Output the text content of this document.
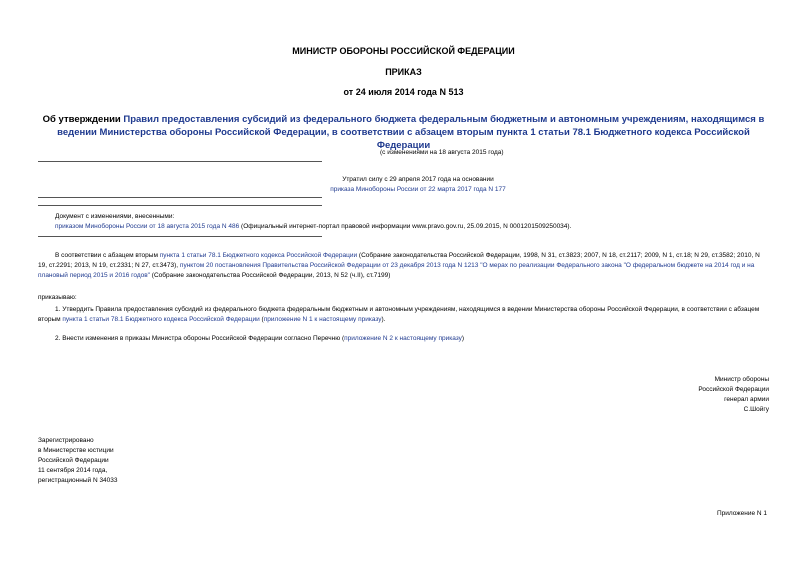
МИНИСТР ОБОРОНЫ РОССИЙСКОЙ ФЕДЕРАЦИИ
ПРИКАЗ
от 24 июля 2014 года N 513
Об утверждении Правил предоставления субсидий из федерального бюджета федеральным бюджетным и автономным учреждениям, находящимся в ведении Министерства обороны Российской Федерации, в соответствии с абзацем вторым пункта 1 статьи 78.1 Бюджетного кодекса Российской Федерации
(с изменениями на 18 августа 2015 года)
Утратил силу с 29 апреля 2017 года на основании
приказа Минобороны России от 22 марта 2017 года N 177
Документ с изменениями, внесенными:
приказом Минобороны России от 18 августа 2015 года N 486 (Официальный интернет-портал правовой информации www.pravo.gov.ru, 25.09.2015, N 0001201509250034).
В соответствии с абзацем вторым пункта 1 статьи 78.1 Бюджетного кодекса Российской Федерации (Собрание законодательства Российской Федерации, 1998, N 31, ст.3823; 2007, N 18, ст.2117; 2009, N 1, ст.18; N 29, ст.3582; 2010, N 19, ст.2291; 2013, N 19, ст.2331; N 27, ст.3473), пунктом 20 постановления Правительства Российской Федерации от 23 декабря 2013 года N 1213 "О мерах по реализации Федерального закона "О федеральном бюджете на 2014 год и на плановый период 2015 и 2016 годов" (Собрание законодательства Российской Федерации, 2013, N 52 (ч.II), ст.7199)
приказываю:
1. Утвердить Правила предоставления субсидий из федерального бюджета федеральным бюджетным и автономным учреждениям, находящимся в ведении Министерства обороны Российской Федерации, в соответствии с абзацем вторым пункта 1 статьи 78.1 Бюджетного кодекса Российской Федерации (приложение N 1 к настоящему приказу).
2. Внести изменения в приказы Министра обороны Российской Федерации согласно Перечню (приложение N 2 к настоящему приказу)
Министр обороны
Российской Федерации
генерал армии
С.Шойгу
Зарегистрировано
в Министерстве юстиции
Российской Федерации
11 сентября 2014 года,
регистрационный N 34033
Приложение N 1
